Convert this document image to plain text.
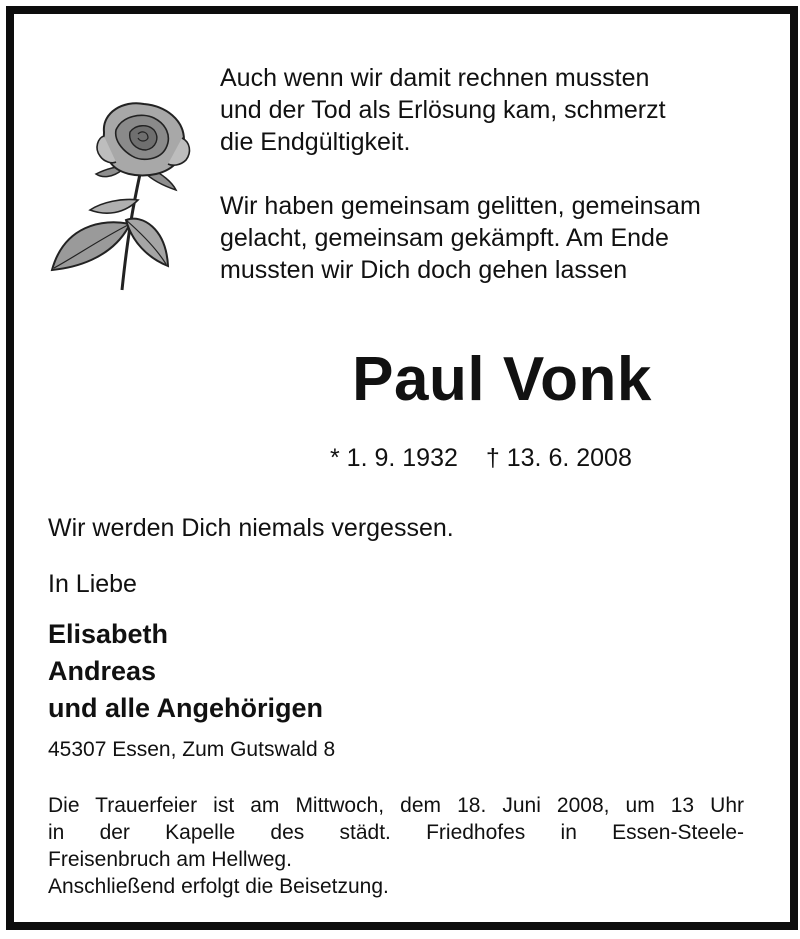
Auch wenn wir damit rechnen mussten

und der Tod als Erlösung kam, schmerzt

die Endgültigkeit.

Wir haben gemeinsam gelitten, gemeinsam

gelacht, gemeinsam gekämpft. Am Ende

mussten wir Dich doch gehen lassen

Paul Vonk
* 1. 9. 1932 † 13. 6. 2008
Wir werden Dich niemals vergessen.
In Liebe
Elisabeth
Andreas
und alle Angehörigen
45307 Essen, Zum Gutswald 8
Die Trauerfeier ist am Mittwoch, dem 18. Juni 2008, um 13 Uhr
in der Kapelle des städt. Friedhofes in Essen-Steele-
Freisenbruch am Hellweg.
Anschließend erfolgt die Beisetzung.
